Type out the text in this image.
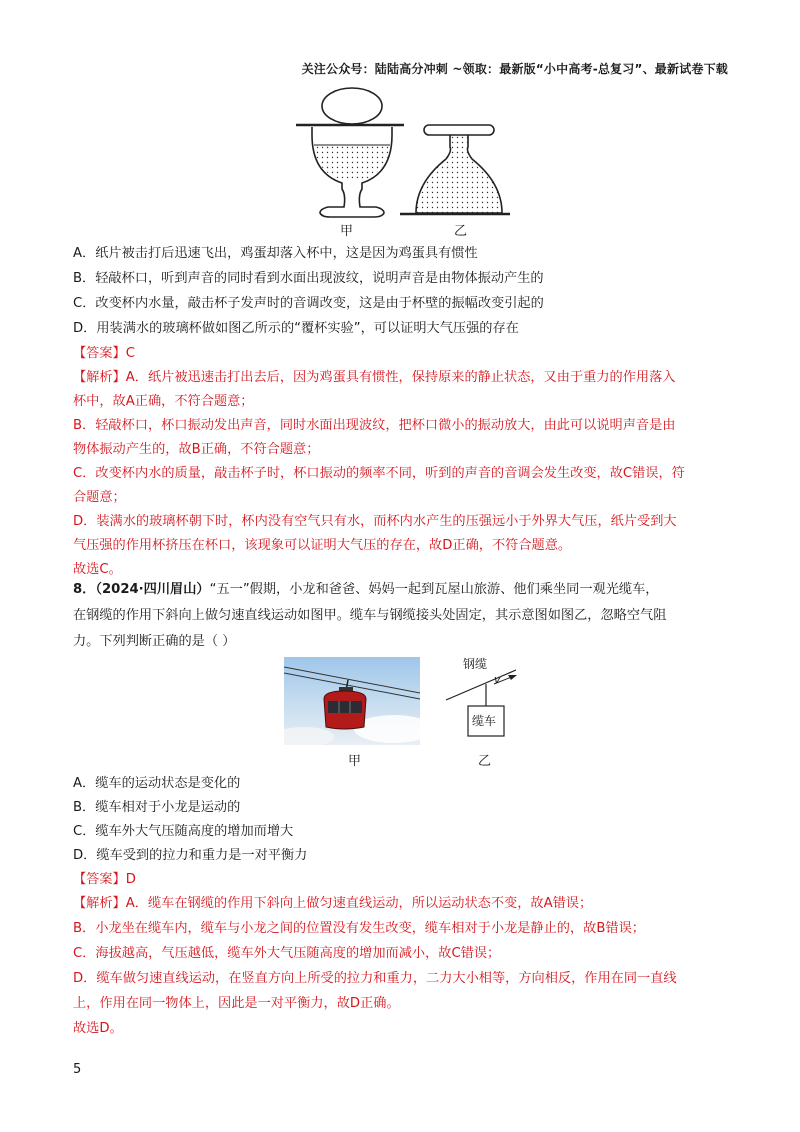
关注公众号：陆陆高分冲刺 ~领取：最新版“小中高考-总复习”、最新试卷下载
甲	乙
A．纸片被击打后迅速飞出，鸡蛋却落入杯中，这是因为鸡蛋具有惯性
B．轻敲杯口，听到声音的同时看到水面出现波纹，说明声音是由物体振动产生的
C．改变杯内水量，敲击杯子发声时的音调改变，这是由于杯壁的振幅改变引起的
D．用装满水的玻璃杯做如图乙所示的“覆杯实验”，可以证明大气压强的存在
【答案】C
【解析】A．纸片被迅速击打出去后，因为鸡蛋具有惯性，保持原来的静止状态，又由于重力的作用落入
杯中，故A正确，不符合题意；
B．轻敲杯口，杯口振动发出声音，同时水面出现波纹，把杯口微小的振动放大，由此可以说明声音是由
物体振动产生的，故B正确，不符合题意；
C．改变杯内水的质量，敲击杯子时，杯口振动的频率不同，听到的声音的音调会发生改变，故C错误，符
合题意；
D．装满水的玻璃杯朝下时，杯内没有空气只有水，而杯内水产生的压强远小于外界大气压，纸片受到大
气压强的作用杯挤压在杯口，该现象可以证明大气压的存在，故D正确，不符合题意。
故选C。
8．（2024·四川眉山）“五一”假期，小龙和爸爸、妈妈一起到瓦屋山旅游、他们乘坐同一观光缆车，
在钢缆的作用下斜向上做匀速直线运动如图甲。缆车与钢缆接头处固定，其示意图如图乙，忽略空气阻
力。下列判断正确的是（ ）
钢缆
v
缆车
甲	乙
A．缆车的运动状态是变化的
B．缆车相对于小龙是运动的
C．缆车外大气压随高度的增加而增大
D．缆车受到的拉力和重力是一对平衡力
【答案】D
【解析】A．缆车在钢缆的作用下斜向上做匀速直线运动，所以运动状态不变，故A错误；
B．小龙坐在缆车内，缆车与小龙之间的位置没有发生改变，缆车相对于小龙是静止的，故B错误；
C．海拔越高，气压越低，缆车外大气压随高度的增加而减小，故C错误；
D．缆车做匀速直线运动，在竖直方向上所受的拉力和重力，二力大小相等，方向相反，作用在同一直线
上，作用在同一物体上，因此是一对平衡力，故D正确。
故选D。
5
